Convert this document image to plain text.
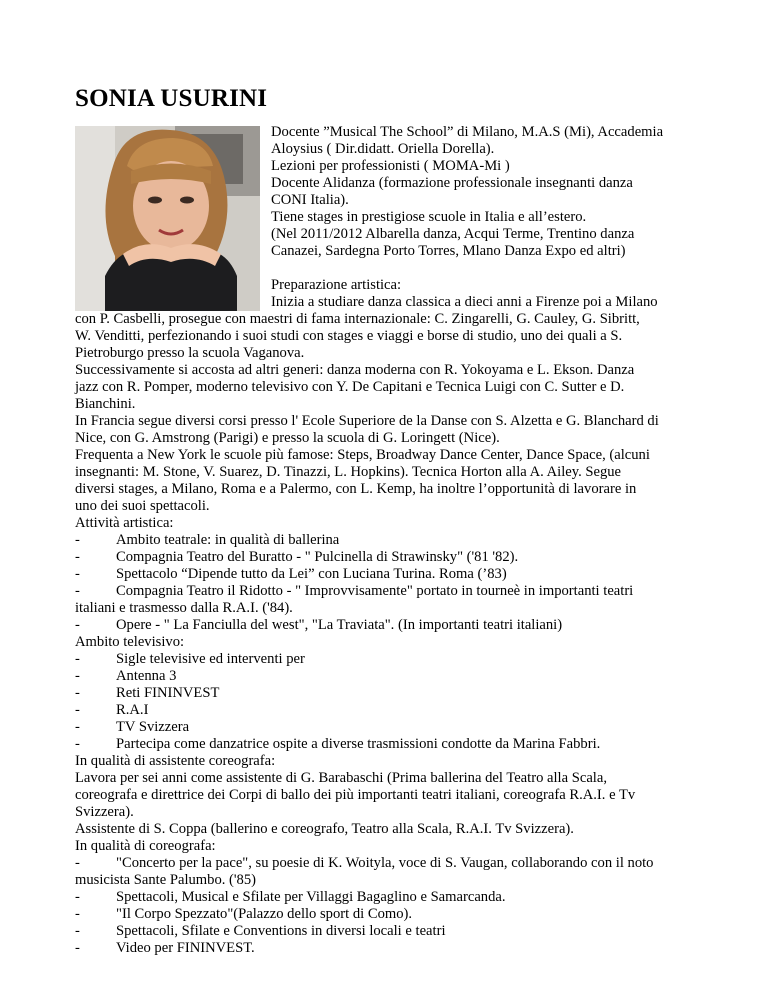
SONIA USURINI
Docente ”Musical The School” di Milano, M.A.S (Mi), Accademia
Aloysius ( Dir.didatt. Oriella Dorella).
Lezioni per professionisti ( MOMA-Mi )
Docente Alidanza (formazione professionale insegnanti danza
CONI Italia).
Tiene stages in prestigiose scuole in Italia e all’estero.
(Nel 2011/2012 Albarella danza, Acqui Terme, Trentino danza
Canazei, Sardegna Porto Torres, Mlano Danza Expo ed altri)
Preparazione artistica:
Inizia a studiare danza classica a dieci anni a Firenze poi a Milano
con P. Casbelli, prosegue con maestri di fama internazionale: C. Zingarelli, G. Cauley, G. Sibritt,
W. Venditti, perfezionando i suoi studi con stages e viaggi e borse di studio, uno dei quali a S.
Pietroburgo presso la scuola Vaganova.
Successivamente si accosta ad altri generi: danza moderna con R. Yokoyama e L. Ekson. Danza
jazz con R. Pomper, moderno televisivo con Y. De Capitani e Tecnica Luigi con C. Sutter e D.
Bianchini.
In Francia segue diversi corsi presso l' Ecole Superiore de la Danse con S. Alzetta e G. Blanchard di
Nice, con G. Amstrong (Parigi) e presso la scuola di G. Loringett (Nice).
Frequenta a New York le scuole più famose: Steps, Broadway Dance Center, Dance Space, (alcuni
insegnanti: M. Stone, V. Suarez, D. Tinazzi, L. Hopkins). Tecnica Horton alla A. Ailey. Segue
diversi stages, a Milano, Roma e a Palermo, con L. Kemp, ha inoltre l’opportunità di lavorare in
uno dei suoi spettacoli.
Attività artistica:
-	Ambito teatrale: in qualità di ballerina
-	Compagnia Teatro del Buratto - " Pulcinella di Strawinsky" ('81 '82).
-	Spettacolo “Dipende tutto da Lei” con Luciana Turina. Roma (’83)
-	Compagnia Teatro il Ridotto - " Improvvisamente" portato in tourneè in importanti teatri
italiani e trasmesso dalla R.A.I. ('84).
-	Opere - " La Fanciulla del west", "La Traviata". (In importanti teatri italiani)
Ambito televisivo:
-	Sigle televisive ed interventi per
-	Antenna 3
-	Reti FININVEST
-	R.A.I
-	TV Svizzera
-	Partecipa come danzatrice ospite a diverse trasmissioni condotte da Marina Fabbri.
In qualità di assistente coreografa:
Lavora per sei anni come assistente di G. Barabaschi (Prima ballerina del Teatro alla Scala,
coreografa e direttrice dei Corpi di ballo dei più importanti teatri italiani, coreografa R.A.I. e Tv
Svizzera).
Assistente di S. Coppa (ballerino e coreografo, Teatro alla Scala, R.A.I. Tv Svizzera).
In qualità di coreografa:
-	"Concerto per la pace", su poesie di K. Woityla, voce di S. Vaugan, collaborando con il noto
musicista Sante Palumbo. ('85)
-	Spettacoli, Musical e Sfilate per Villaggi Bagaglino e Samarcanda.
-	"Il Corpo Spezzato"(Palazzo dello sport di Como).
-	Spettacoli, Sfilate e Conventions in diversi locali e teatri
-	Video per FININVEST.
